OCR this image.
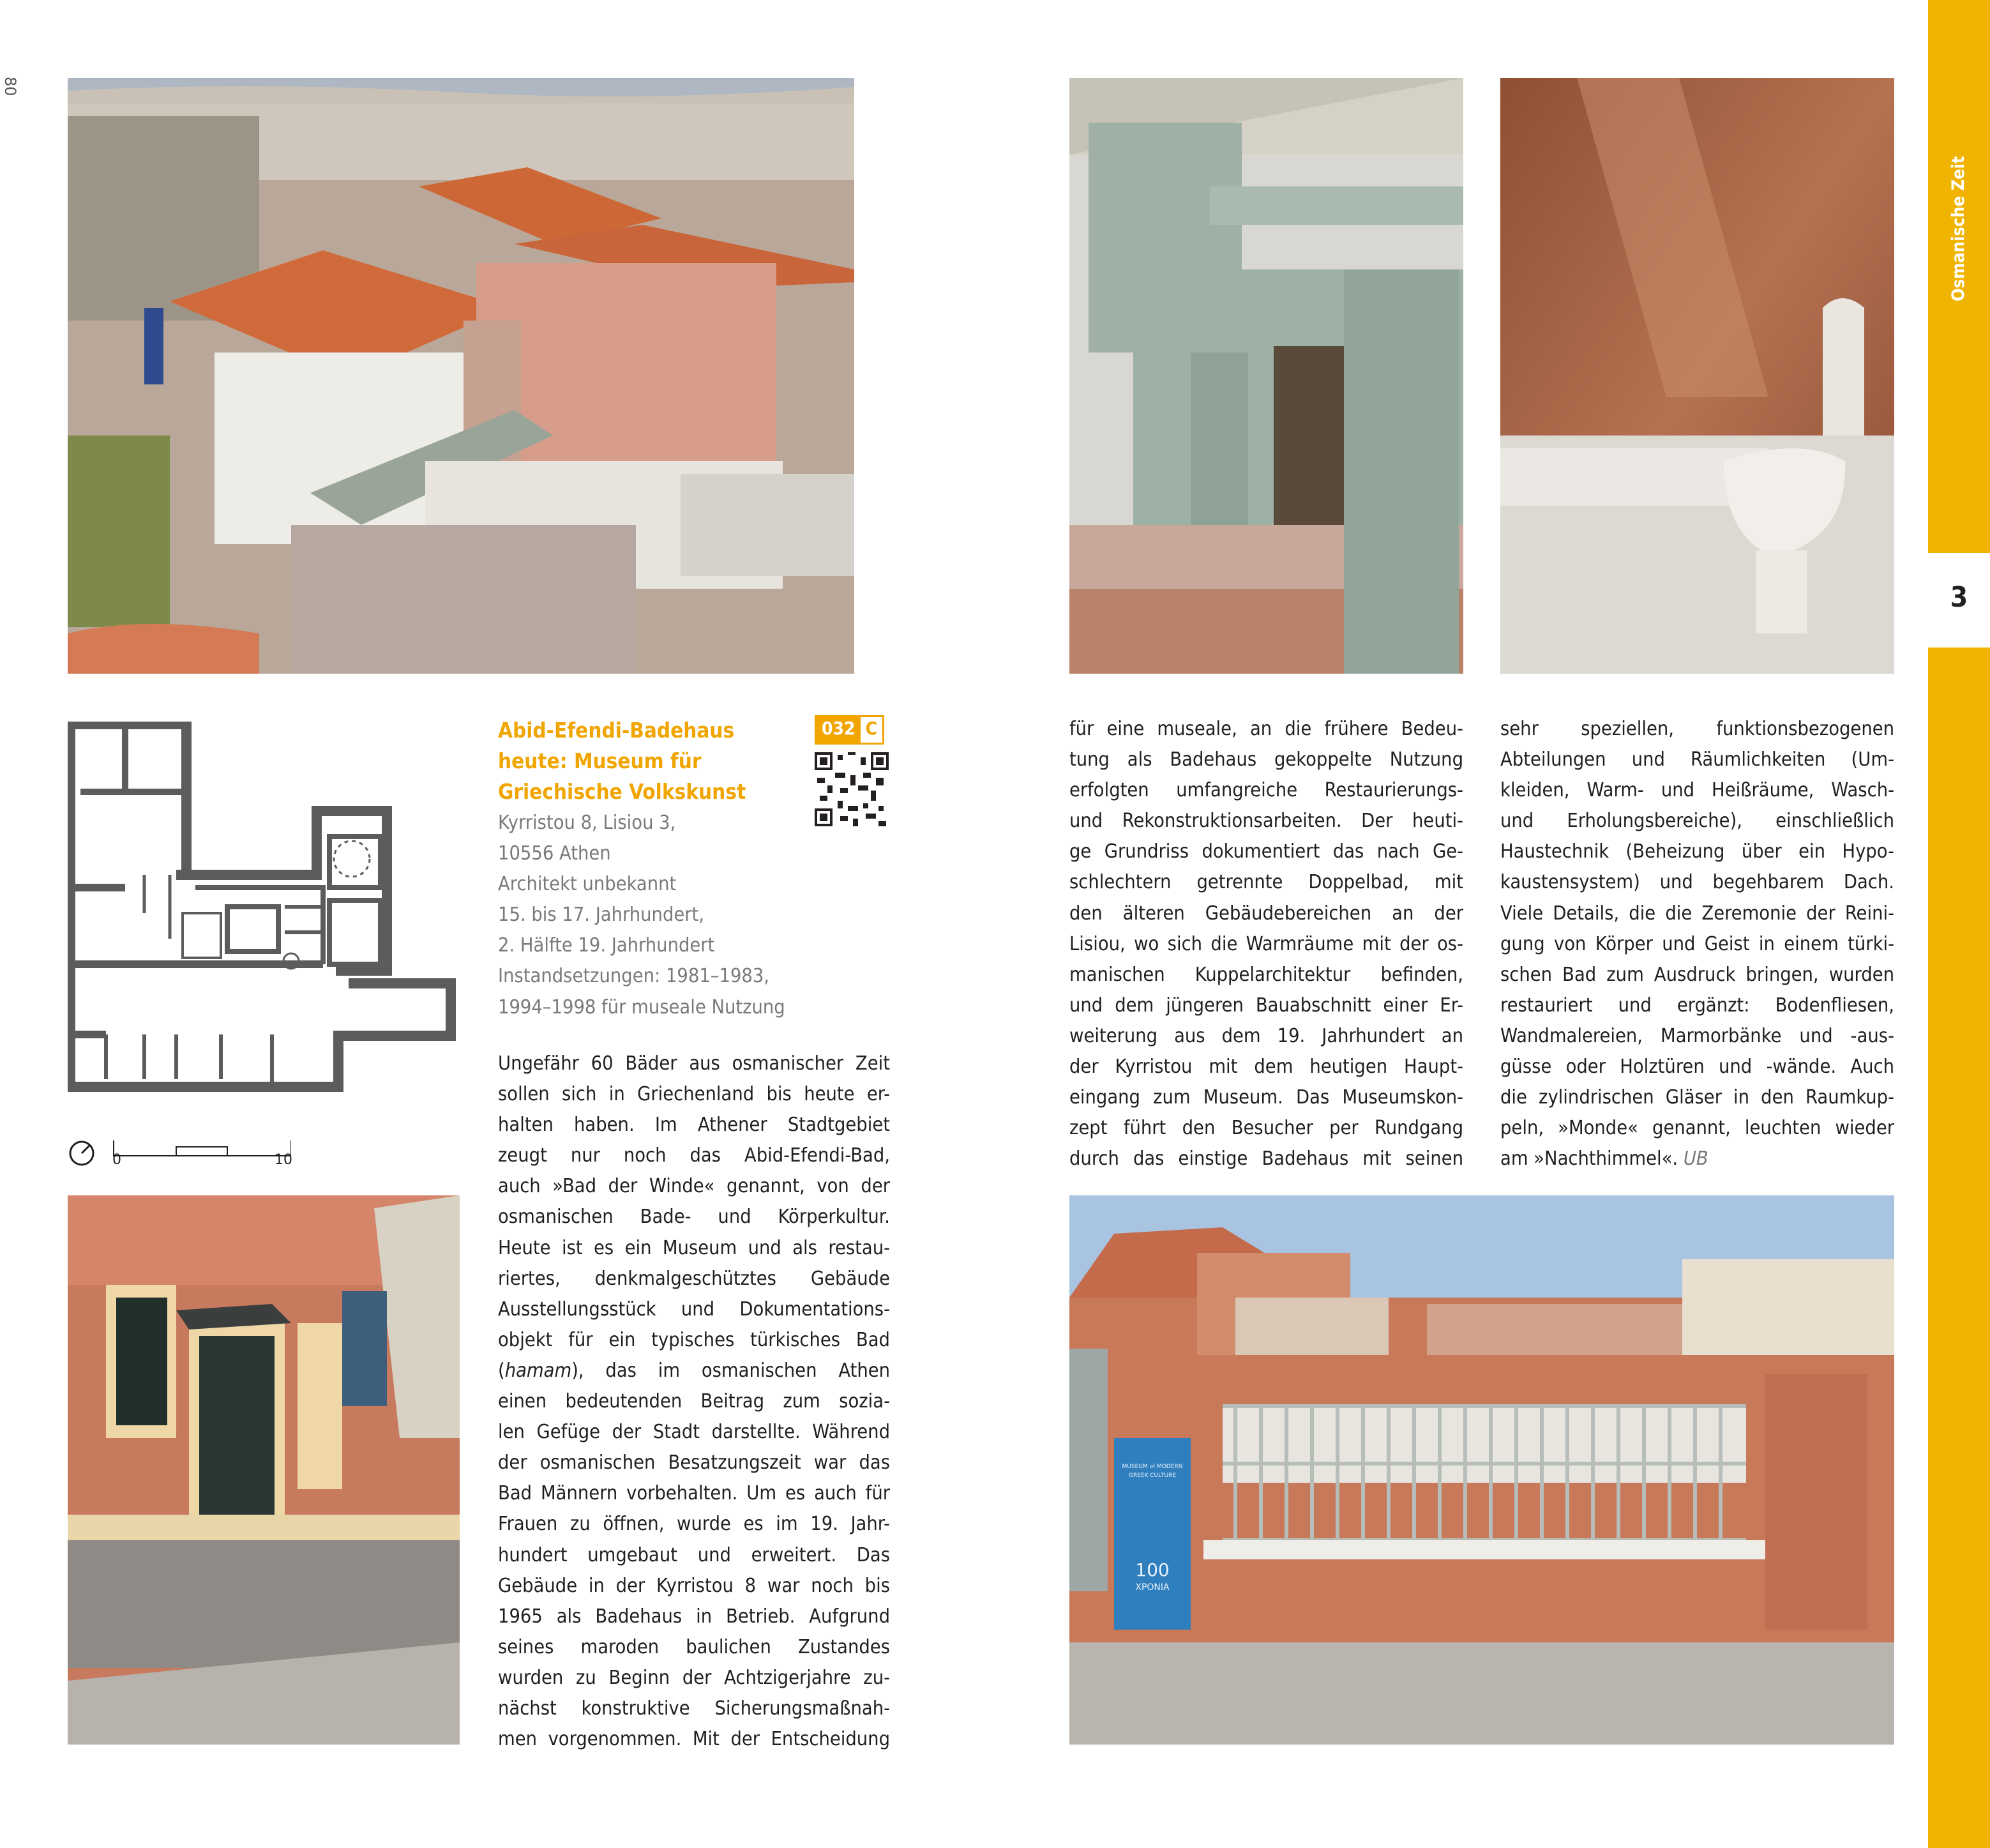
80
Osmanische Zeit
3
0	10
MUSEUM of MODERN
GREEK CULTURE
100
XPONIA
Abid-Efendi-Badehaus
heute: Museum für
Griechische Volkskunst
032 C
Kyrristou 8, Lisiou 3,
10556 Athen
Architekt unbekannt
15. bis 17. Jahrhundert,
2. Hälfte 19. Jahrhundert
Instandsetzungen: 1981–1983,
1994–1998 für museale Nutzung
Ungefähr 60 Bäder aus osmanischer Zeit
sollen sich in Griechenland bis heute er-
halten haben. Im Athener Stadtgebiet
zeugt nur noch das Abid-Efendi-Bad,
auch »Bad der Winde« genannt, von der
osmanischen Bade- und Körperkultur.
Heute ist es ein Museum und als restau-
riertes, denkmalgeschütztes Gebäude
Ausstellungsstück und Dokumentations-
objekt für ein typisches türkisches Bad
(hamam), das im osmanischen Athen
einen bedeutenden Beitrag zum sozia-
len Gefüge der Stadt darstellte. Während
der osmanischen Besatzungszeit war das
Bad Männern vorbehalten. Um es auch für
Frauen zu öffnen, wurde es im 19. Jahr-
hundert umgebaut und erweitert. Das
Gebäude in der Kyrristou 8 war noch bis
1965 als Badehaus in Betrieb. Aufgrund
seines maroden baulichen Zustandes
wurden zu Beginn der Achtzigerjahre zu-
nächst konstruktive Sicherungsmaßnah-
men vorgenommen. Mit der Entscheidung
für eine museale, an die frühere Bedeu-
tung als Badehaus gekoppelte Nutzung
erfolgten umfangreiche Restaurierungs-
und Rekonstruktionsarbeiten. Der heuti-
ge Grundriss dokumentiert das nach Ge-
schlechtern getrennte Doppelbad, mit
den älteren Gebäudebereichen an der
Lisiou, wo sich die Warmräume mit der os-
manischen Kuppelarchitektur befinden,
und dem jüngeren Bauabschnitt einer Er-
weiterung aus dem 19. Jahrhundert an
der Kyrristou mit dem heutigen Haupt-
eingang zum Museum. Das Museumskon-
zept führt den Besucher per Rundgang
durch das einstige Badehaus mit seinen
sehr speziellen, funktionsbezogenen
Abteilungen und Räumlichkeiten (Um-
kleiden, Warm- und Heißräume, Wasch-
und Erholungsbereiche), einschließlich
Haustechnik (Beheizung über ein Hypo-
kaustensystem) und begehbarem Dach.
Viele Details, die die Zeremonie der Reini-
gung von Körper und Geist in einem türki-
schen Bad zum Ausdruck bringen, wurden
restauriert und ergänzt: Bodenfliesen,
Wandmalereien, Marmorbänke und -aus-
güsse oder Holztüren und -wände. Auch
die zylindrischen Gläser in den Raumkup-
peln, »Monde« genannt, leuchten wieder
am »Nachthimmel«. UB
